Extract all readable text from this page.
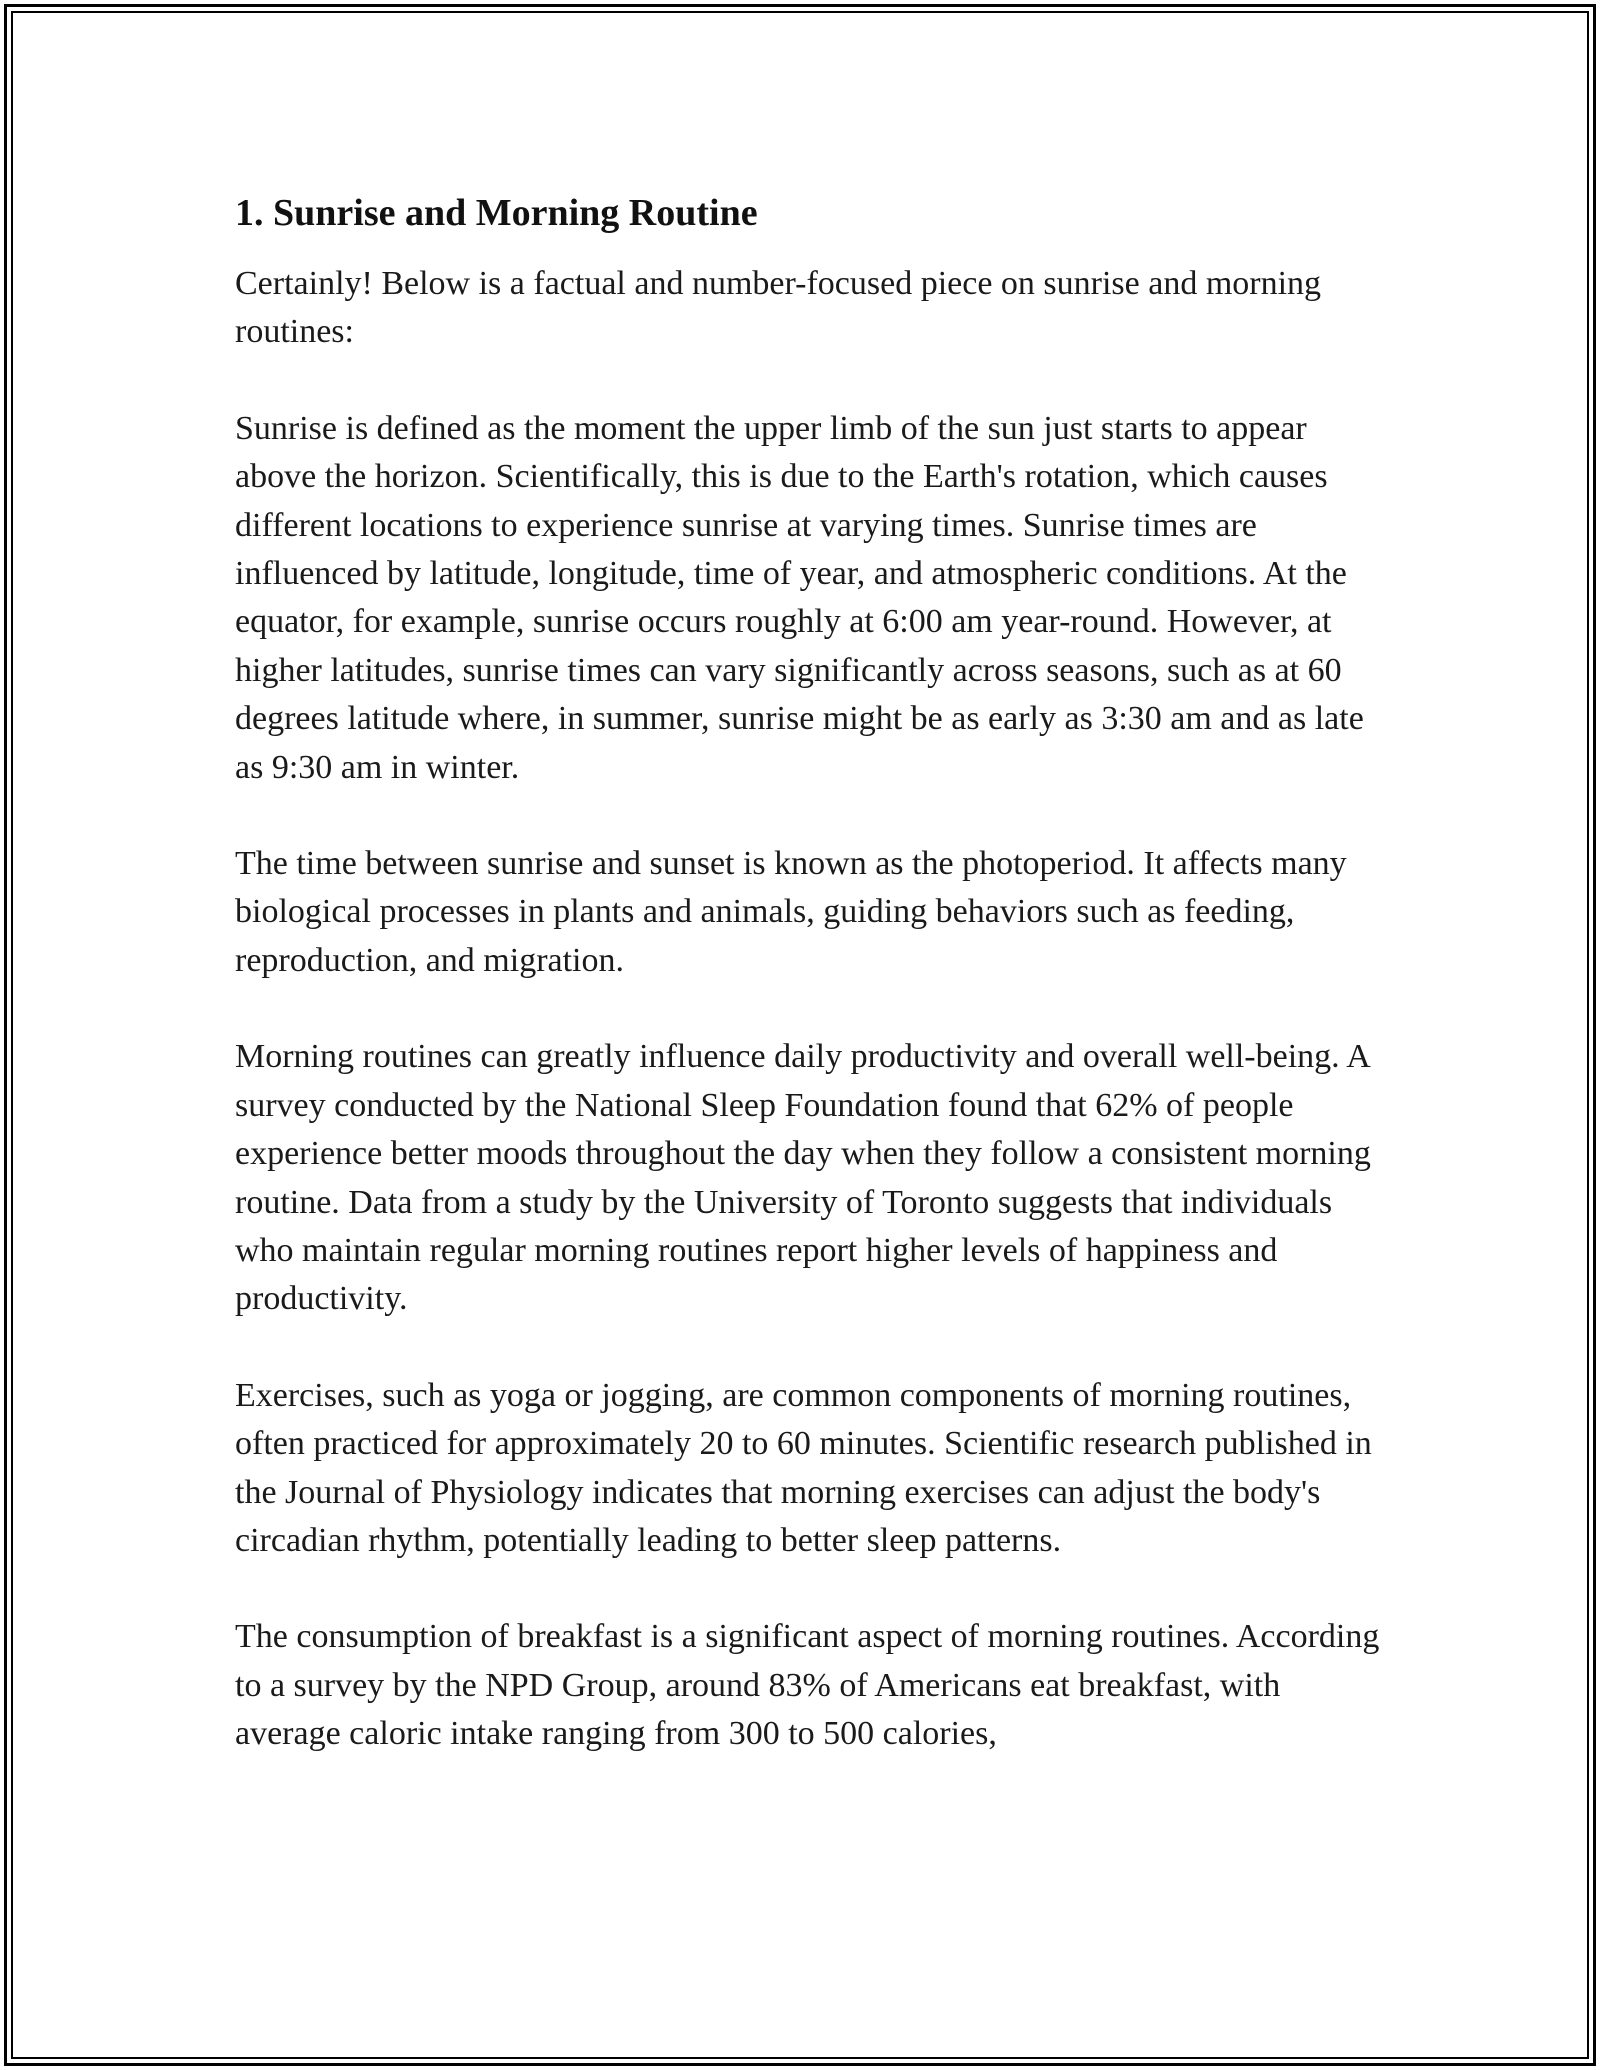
1. Sunrise and Morning Routine

Certainly! Below is a factual and number-focused piece on sunrise and morning routines:

Sunrise is defined as the moment the upper limb of the sun just starts to appear above the horizon. Scientifically, this is due to the Earth's rotation, which causes different locations to experience sunrise at varying times. Sunrise times are influenced by latitude, longitude, time of year, and atmospheric conditions. At the equator, for example, sunrise occurs roughly at 6:00 am year-round. However, at higher latitudes, sunrise times can vary significantly across seasons, such as at 60 degrees latitude where, in summer, sunrise might be as early as 3:30 am and as late as 9:30 am in winter.

The time between sunrise and sunset is known as the photoperiod. It affects many biological processes in plants and animals, guiding behaviors such as feeding, reproduction, and migration.

Morning routines can greatly influence daily productivity and overall well-being. A survey conducted by the National Sleep Foundation found that 62% of people experience better moods throughout the day when they follow a consistent morning routine. Data from a study by the University of Toronto suggests that individuals who maintain regular morning routines report higher levels of happiness and productivity.

Exercises, such as yoga or jogging, are common components of morning routines, often practiced for approximately 20 to 60 minutes. Scientific research published in the Journal of Physiology indicates that morning exercises can adjust the body's circadian rhythm, potentially leading to better sleep patterns.

The consumption of breakfast is a significant aspect of morning routines. According to a survey by the NPD Group, around 83% of Americans eat breakfast, with average caloric intake ranging from 300 to 500 calories,
